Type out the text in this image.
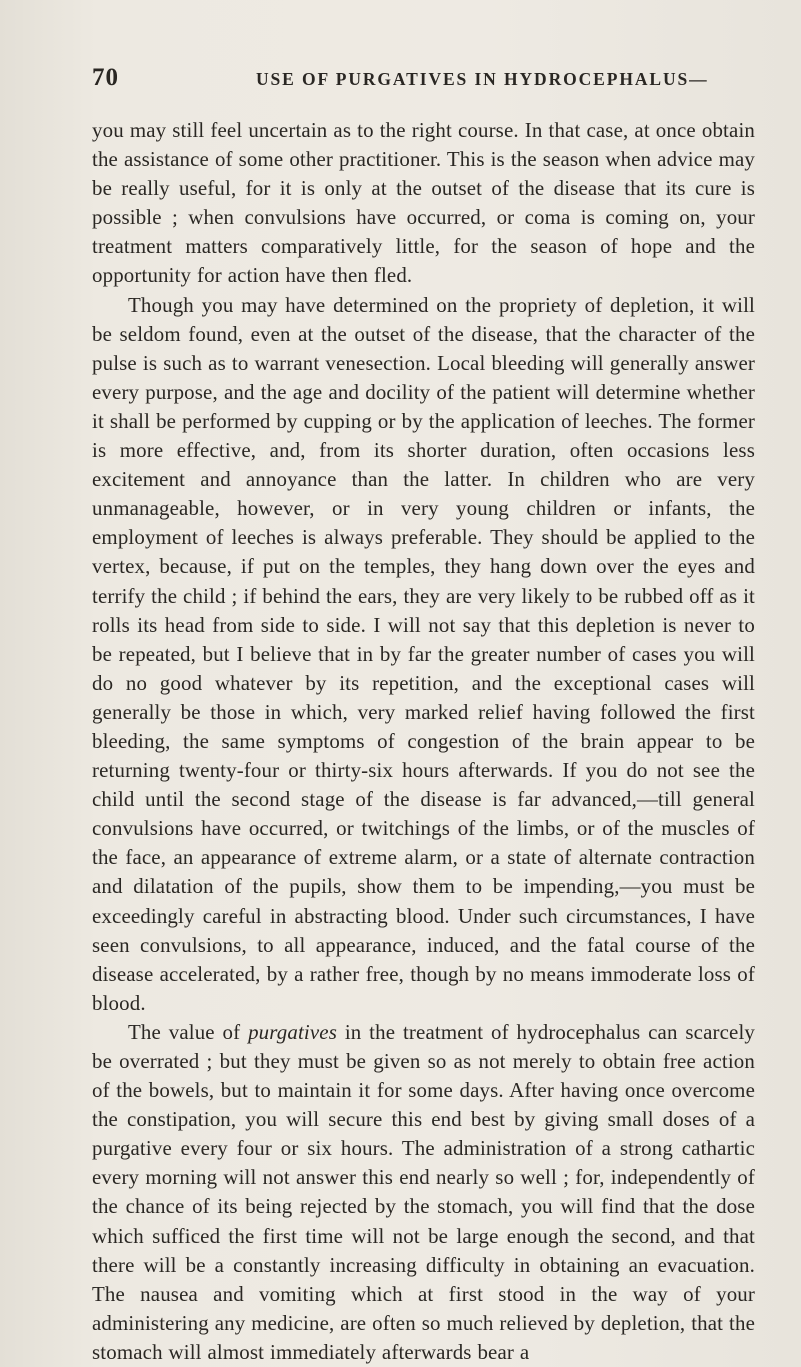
70	USE OF PURGATIVES IN HYDROCEPHALUS—

you may still feel uncertain as to the right course. In that case, at once obtain the assistance of some other practitioner. This is the season when advice may be really useful, for it is only at the outset of the disease that its cure is possible ; when convulsions have occurred, or coma is coming on, your treatment matters comparatively little, for the season of hope and the opportunity for action have then fled.

Though you may have determined on the propriety of depletion, it will be seldom found, even at the outset of the disease, that the character of the pulse is such as to warrant venesection. Local bleeding will generally answer every purpose, and the age and docility of the patient will determine whether it shall be performed by cupping or by the application of leeches. The former is more effective, and, from its shorter duration, often occasions less excitement and annoyance than the latter. In children who are very unmanageable, however, or in very young children or infants, the employment of leeches is always preferable. They should be applied to the vertex, because, if put on the temples, they hang down over the eyes and terrify the child ; if behind the ears, they are very likely to be rubbed off as it rolls its head from side to side. I will not say that this depletion is never to be repeated, but I believe that in by far the greater number of cases you will do no good whatever by its repetition, and the exceptional cases will generally be those in which, very marked relief having followed the first bleeding, the same symptoms of congestion of the brain appear to be returning twenty-four or thirty-six hours afterwards. If you do not see the child until the second stage of the disease is far advanced,—till general convulsions have occurred, or twitchings of the limbs, or of the muscles of the face, an appearance of extreme alarm, or a state of alternate contraction and dilatation of the pupils, show them to be impending,—you must be exceedingly careful in abstracting blood. Under such circumstances, I have seen convulsions, to all appearance, induced, and the fatal course of the disease accelerated, by a rather free, though by no means immoderate loss of blood.

The value of purgatives in the treatment of hydrocephalus can scarcely be overrated ; but they must be given so as not merely to obtain free action of the bowels, but to maintain it for some days. After having once overcome the constipation, you will secure this end best by giving small doses of a purgative every four or six hours. The administration of a strong cathartic every morning will not answer this end nearly so well ; for, independently of the chance of its being rejected by the stomach, you will find that the dose which sufficed the first time will not be large enough the second, and that there will be a constantly increasing difficulty in obtaining an evacuation. The nausea and vomiting which at first stood in the way of your administering any medicine, are often so much relieved by depletion, that the stomach will almost immediately afterwards bear a
